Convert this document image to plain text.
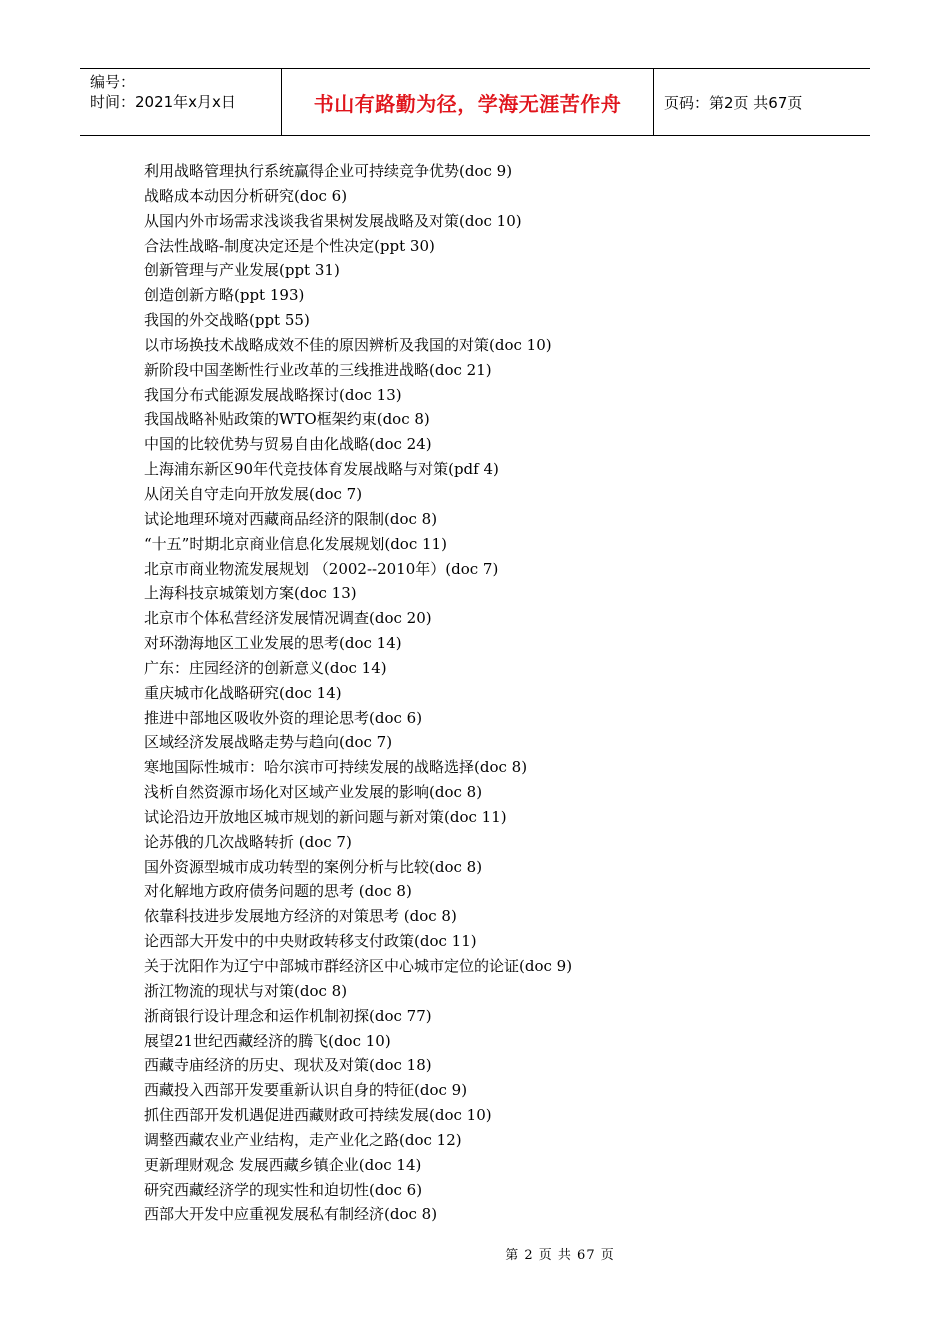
编号：
时间：2021年x月x日	书山有路勤为径，学海无涯苦作舟	页码：第2页 共67页
利用战略管理执行系统赢得企业可持续竞争优势(doc 9)
战略成本动因分析研究(doc 6)
从国内外市场需求浅谈我省果树发展战略及对策(doc 10)
合法性战略-制度决定还是个性决定(ppt 30)
创新管理与产业发展(ppt 31)
创造创新方略(ppt 193)
我国的外交战略(ppt 55)
以市场换技术战略成效不佳的原因辨析及我国的对策(doc 10)
新阶段中国垄断性行业改革的三线推进战略(doc 21)
我国分布式能源发展战略探讨(doc 13)
我国战略补贴政策的WTO框架约束(doc 8)
中国的比较优势与贸易自由化战略(doc 24)
上海浦东新区90年代竞技体育发展战略与对策(pdf 4)
从闭关自守走向开放发展(doc 7)
试论地理环境对西藏商品经济的限制(doc 8)
“十五”时期北京商业信息化发展规划(doc 11)
北京市商业物流发展规划 （2002--2010年）(doc 7)
上海科技京城策划方案(doc 13)
北京市个体私营经济发展情况调查(doc 20)
对环渤海地区工业发展的思考(doc 14)
广东：庄园经济的创新意义(doc 14)
重庆城市化战略研究(doc 14)
推进中部地区吸收外资的理论思考(doc 6)
区域经济发展战略走势与趋向(doc 7)
寒地国际性城市：哈尔滨市可持续发展的战略选择(doc 8)
浅析自然资源市场化对区域产业发展的影响(doc 8)
试论沿边开放地区城市规划的新问题与新对策(doc 11)
论苏俄的几次战略转折 (doc 7)
国外资源型城市成功转型的案例分析与比较(doc 8)
对化解地方政府债务问题的思考 (doc 8)
依靠科技进步发展地方经济的对策思考 (doc 8)
论西部大开发中的中央财政转移支付政策(doc 11)
关于沈阳作为辽宁中部城市群经济区中心城市定位的论证(doc 9)
浙江物流的现状与对策(doc 8)
浙商银行设计理念和运作机制初探(doc 77)
展望21世纪西藏经济的腾飞(doc 10)
西藏寺庙经济的历史、现状及对策(doc 18)
西藏投入西部开发要重新认识自身的特征(doc 9)
抓住西部开发机遇促进西藏财政可持续发展(doc 10)
调整西藏农业产业结构，走产业化之路(doc 12)
更新理财观念 发展西藏乡镇企业(doc 14)
研究西藏经济学的现实性和迫切性(doc 6)
西部大开发中应重视发展私有制经济(doc 8)
第 2 页 共 67 页
